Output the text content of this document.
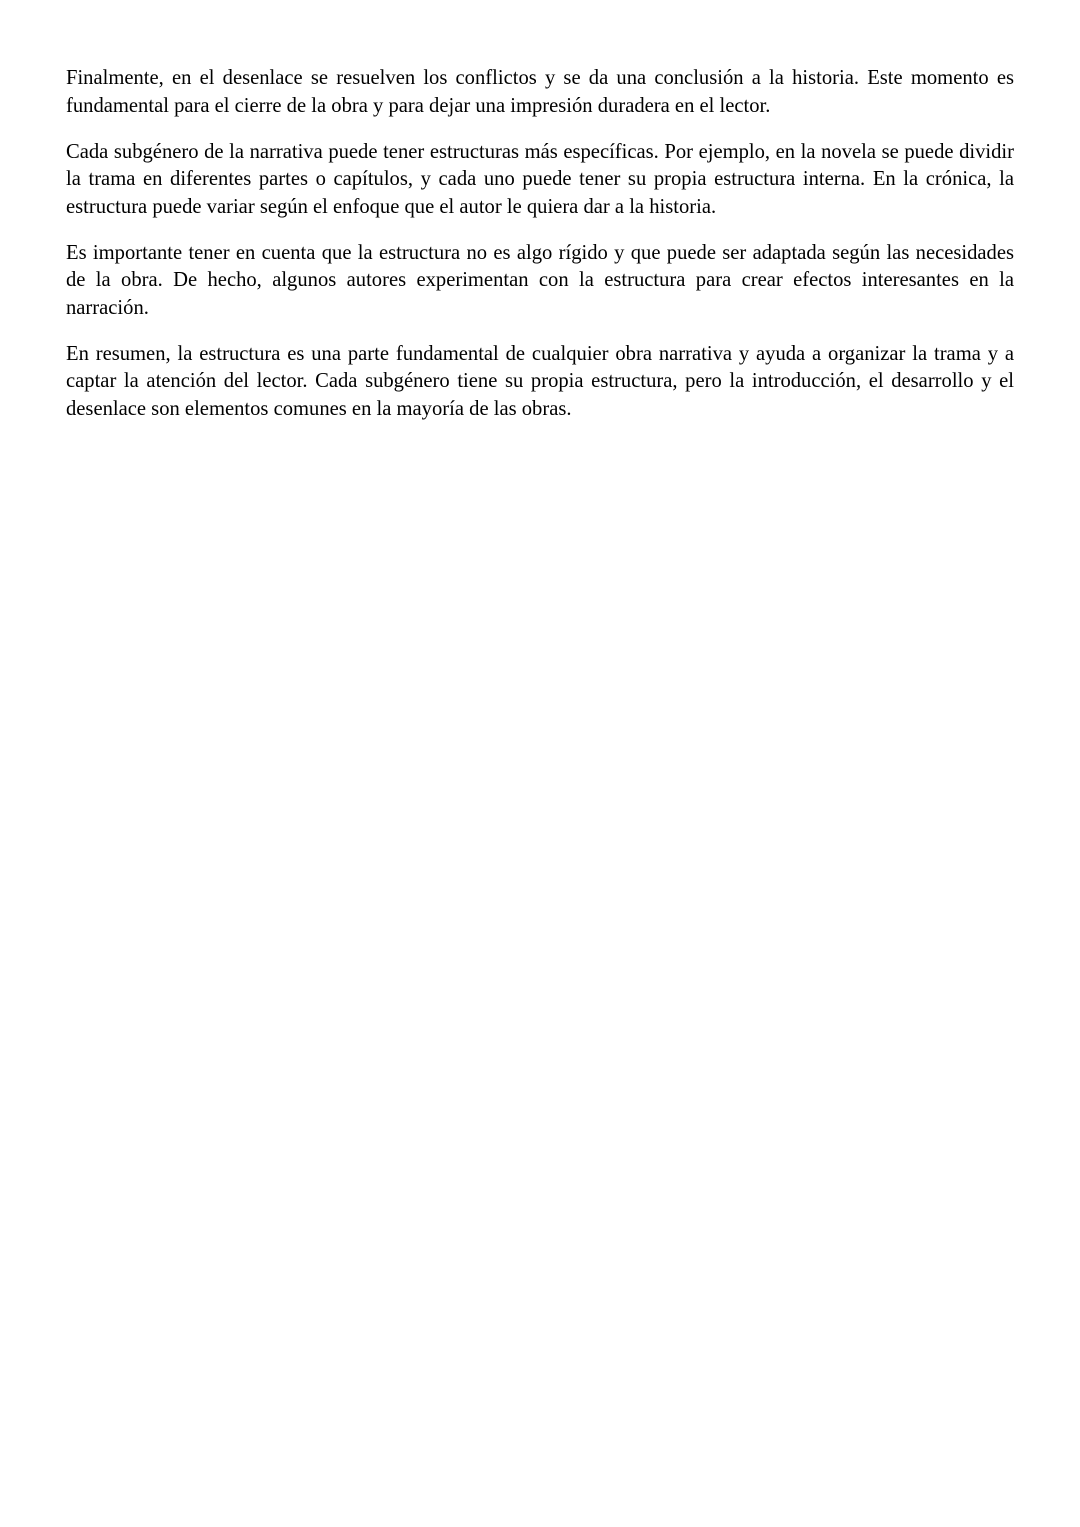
Finalmente, en el desenlace se resuelven los conflictos y se da una conclusión a la historia. Este momento es fundamental para el cierre de la obra y para dejar una impresión duradera en el lector.

Cada subgénero de la narrativa puede tener estructuras más específicas. Por ejemplo, en la novela se puede dividir la trama en diferentes partes o capítulos, y cada uno puede tener su propia estructura interna. En la crónica, la estructura puede variar según el enfoque que el autor le quiera dar a la historia.

Es importante tener en cuenta que la estructura no es algo rígido y que puede ser adaptada según las necesidades de la obra. De hecho, algunos autores experimentan con la estructura para crear efectos interesantes en la narración.

En resumen, la estructura es una parte fundamental de cualquier obra narrativa y ayuda a organizar la trama y a captar la atención del lector. Cada subgénero tiene su propia estructura, pero la introducción, el desarrollo y el desenlace son elementos comunes en la mayoría de las obras.
